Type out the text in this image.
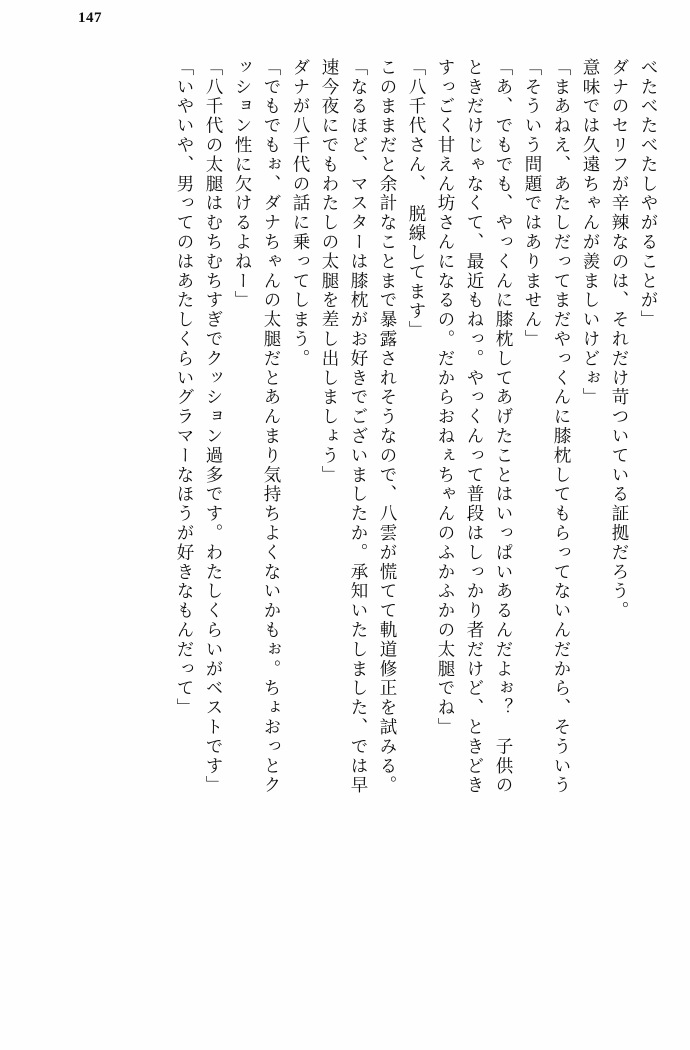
147
べたべたべたしやがることが」
ダナのセリフが辛辣なのは、それだけ苛ついている証拠だろう。
意味では久遠ちゃんが羨ましいけどぉ」
「まあねえ、あたしだってまだやっくんに膝枕してもらってないんだから、そういう
「そういう問題ではありません」
「あ、でもでも、やっくんに膝枕してあげたことはいっぱいあるんだよぉ？　子供の
ときだけじゃなくて、最近もねっ。やっくんって普段はしっかり者だけど、ときどき
すっごく甘えん坊さんになるの。だからおねぇちゃんのふかふかの太腿でね」
「八千代さん、　脱線してます」
このままだと余計なことまで暴露されそうなので、八雲が慌てて軌道修正を試みる。
「なるほど、マスターは膝枕がお好きでございましたか。承知いたしました、では早
速今夜にでもわたしの太腿を差し出しましょう」
ダナが八千代の話に乗ってしまう。
「でもでもぉ、ダナちゃんの太腿だとあんまり気持ちよくないかもぉ。ちょおっとク
ッション性に欠けるよねー」
「八千代の太腿はむちむちすぎでクッション過多です。わたしくらいがベストです」
「いやいや、男ってのはあたしくらいグラマーなほうが好きなもんだって」
